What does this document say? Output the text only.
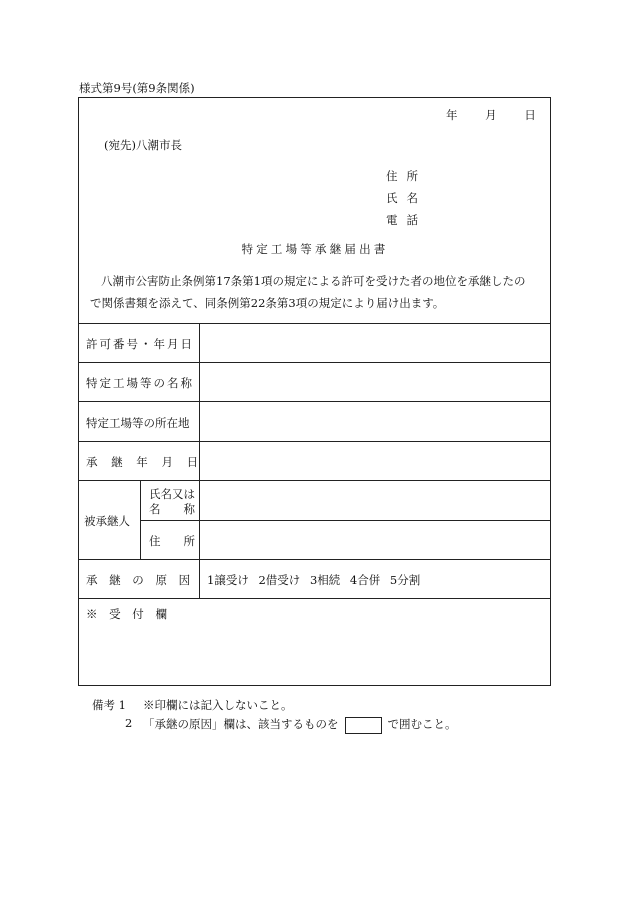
様式第9号(第9条関係)
年 月 日
(宛先)八潮市長
住所
氏名
電話
特定工場等承継届出書

八潮市公害防止条例第17条第1項の規定による許可を受けた者の地位を承継したの

で関係書類を添えて、同条例第22条第3項の規定により届け出ます。

許可番号・年月日
特定工場等の名称
特定工場等の所在地
承 継 年 月 日
被承継人
氏名又は
名　　称
住　　所
承 継 の 原 因 1譲受け 2借受け 3相続 4合併 5分割
※ 受 付 欄
備考 1 ※印欄には記入しないこと。
2 「承継の原因」欄は、該当するものを	で囲むこと。
